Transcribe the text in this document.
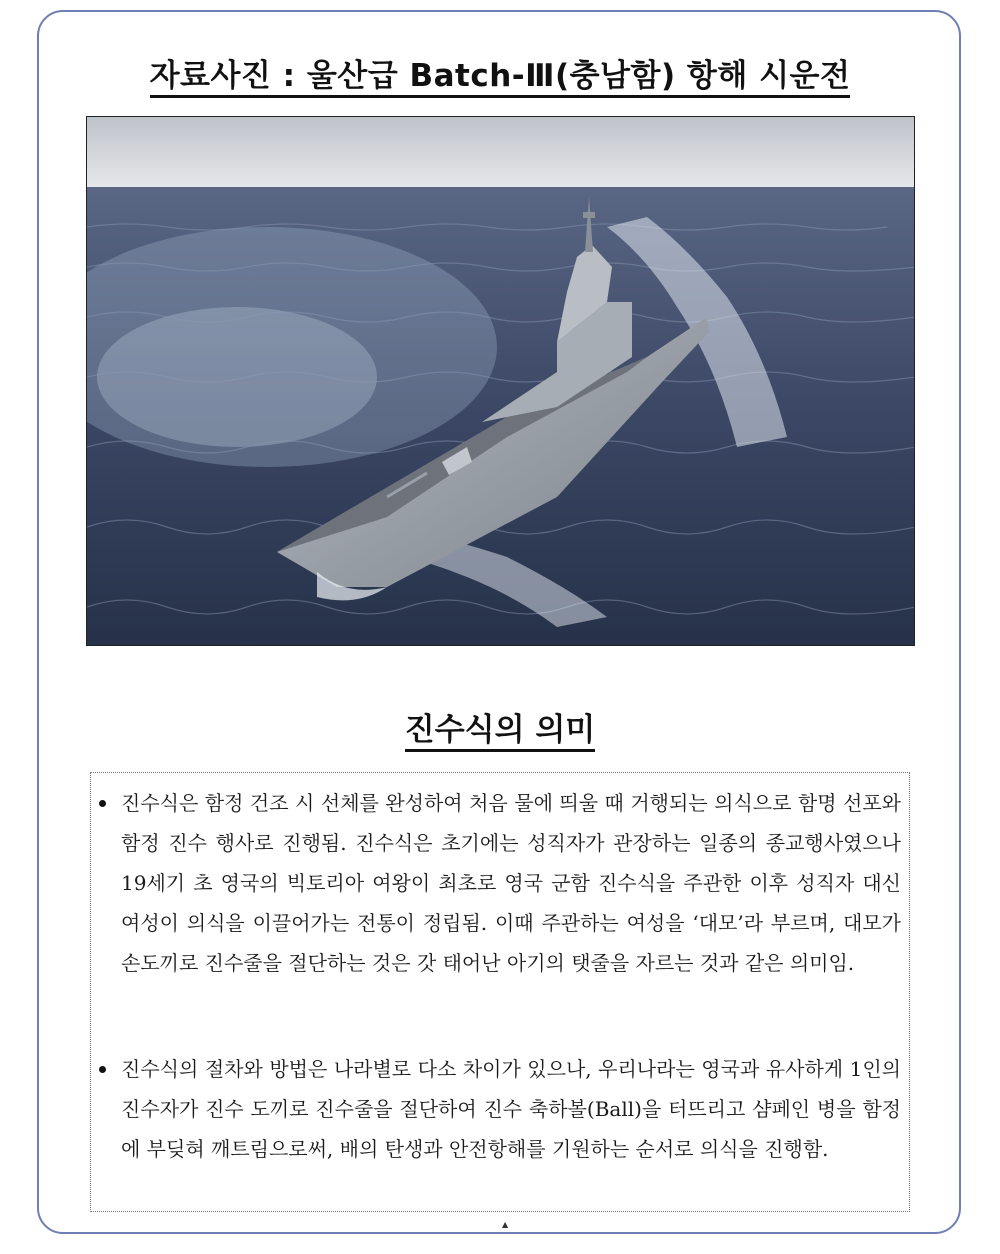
자료사진 : 울산급 Batch-Ⅲ(충남함) 항해 시운전
진수식의 의미
진수식은 함정 건조 시 선체를 완성하여 처음 물에 띄울 때 거행되는 의식으로 함명 선포와 함정 진수 행사로 진행됨. 진수식은 초기에는 성직자가 관장하는 일종의 종교행사였으나 19세기 초 영국의 빅토리아 여왕이 최초로 영국 군함 진수식을 주관한 이후 성직자 대신 여성이 의식을 이끌어가는 전통이 정립됨. 이때 주관하는 여성을 ‘대모’라 부르며, 대모가 손도끼로 진수줄을 절단하는 것은 갓 태어난 아기의 탯줄을 자르는 것과 같은 의미임.
진수식의 절차와 방법은 나라별로 다소 차이가 있으나, 우리나라는 영국과 유사하게 1인의 진수자가 진수 도끼로 진수줄을 절단하여 진수 축하볼(Ball)을 터뜨리고 샴페인 병을 함정에 부딪혀 깨트림으로써, 배의 탄생과 안전항해를 기원하는 순서로 의식을 진행함.
▲
